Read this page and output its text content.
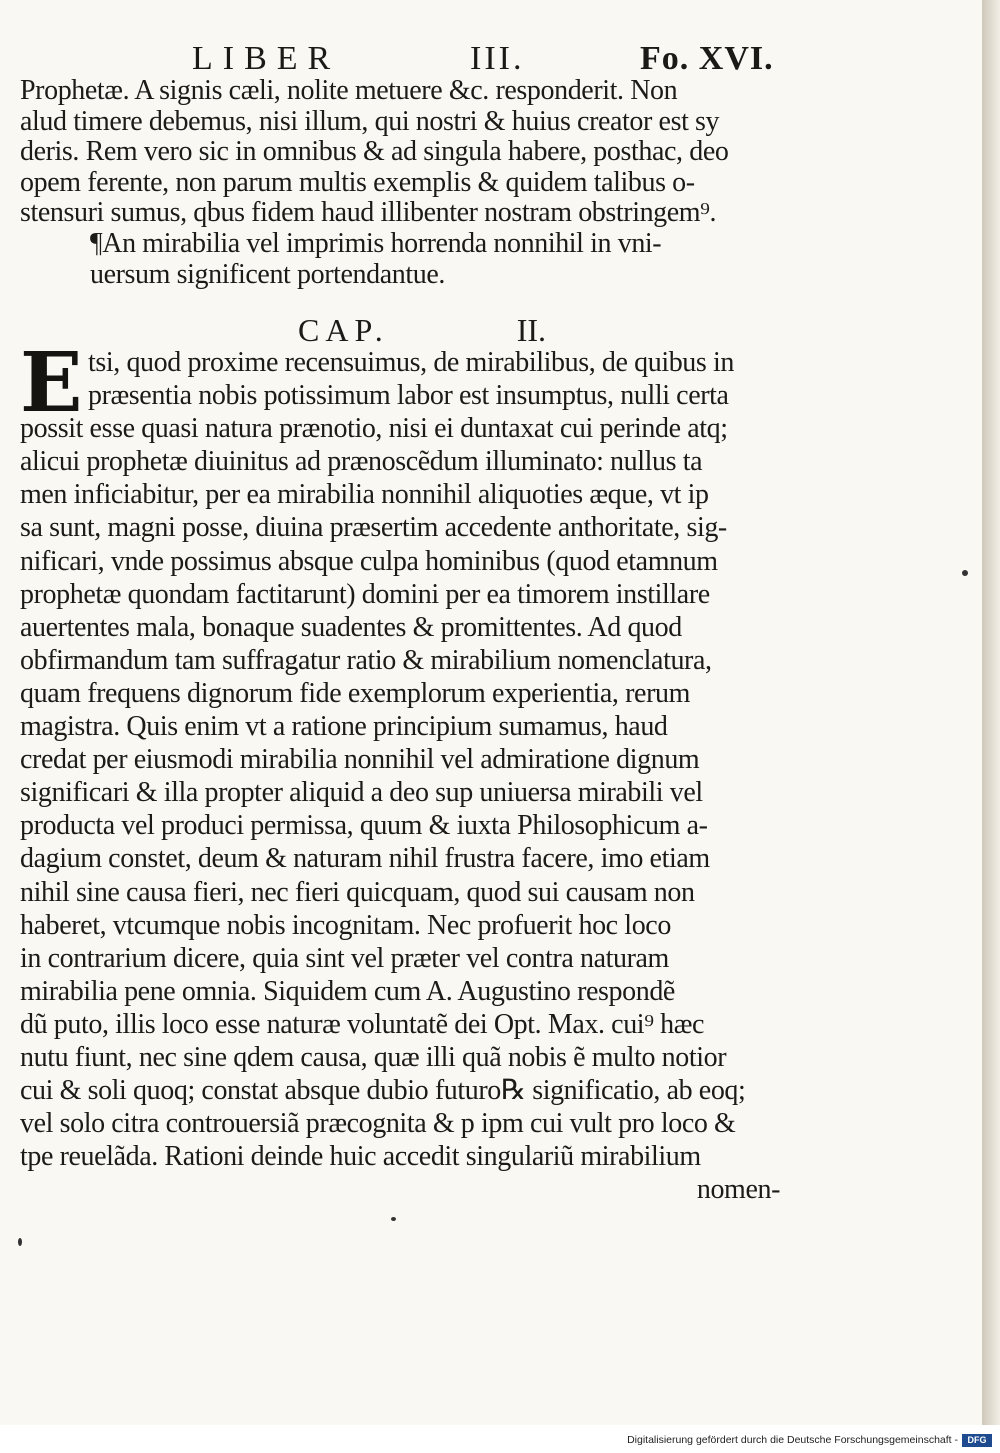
LIBER	III.	Fo. XVI.
Prophetæ. A signis cæli, nolite metuere &c. responderit. Non
alud timere debemus, nisi illum, qui nostri & huius creator est sy
deris. Rem vero sic in omnibus & ad singula habere, posthac, deo
opem ferente, non parum multis exemplis & quidem talibus o-
stensuri sumus, qbus fidem haud illibenter nostram obstringem⁹.
¶An mirabilia vel imprimis horrenda nonnihil in vni-
uersum significent portendantue.
CAP.	II.
E tsi, quod proxime recensuimus, de mirabilibus, de quibus in
præsentia nobis potissimum labor est insumptus, nulli certa
possit esse quasi natura prænotio, nisi ei duntaxat cui perinde atq;
alicui prophetæ diuinitus ad prænoscẽdum illuminato: nullus ta
men inficiabitur, per ea mirabilia nonnihil aliquoties æque, vt ip
sa sunt, magni posse, diuina præsertim accedente anthoritate, sig-
nificari, vnde possimus absque culpa hominibus (quod etamnum
prophetæ quondam factitarunt) domini per ea timorem instillare
auertentes mala, bonaque suadentes & promittentes. Ad quod
obfirmandum tam suffragatur ratio & mirabilium nomenclatura,
quam frequens dignorum fide exemplorum experientia, rerum
magistra. Quis enim vt a ratione principium sumamus, haud
credat per eiusmodi mirabilia nonnihil vel admiratione dignum
significari & illa propter aliquid a deo sup uniuersa mirabili vel
producta vel produci permissa, quum & iuxta Philosophicum a-
dagium constet, deum & naturam nihil frustra facere, imo etiam
nihil sine causa fieri, nec fieri quicquam, quod sui causam non
haberet, vtcumque nobis incognitam. Nec profuerit hoc loco
in contrarium dicere, quia sint vel præter vel contra naturam
mirabilia pene omnia. Siquidem cum A. Augustino respondẽ
dũ puto, illis loco esse naturæ voluntatẽ dei Opt. Max. cui⁹ hæc
nutu fiunt, nec sine qdem causa, quæ illi quã nobis ẽ multo notior
cui & soli quoq; constat absque dubio futuro℞ significatio, ab eoq;
vel solo citra controuersiã præcognita & p ipm cui vult pro loco &
tpe reuelãda. Rationi deinde huic accedit singulariũ mirabilium
nomen-
Digitalisierung gefördert durch die Deutsche Forschungsgemeinschaft -	DFG
